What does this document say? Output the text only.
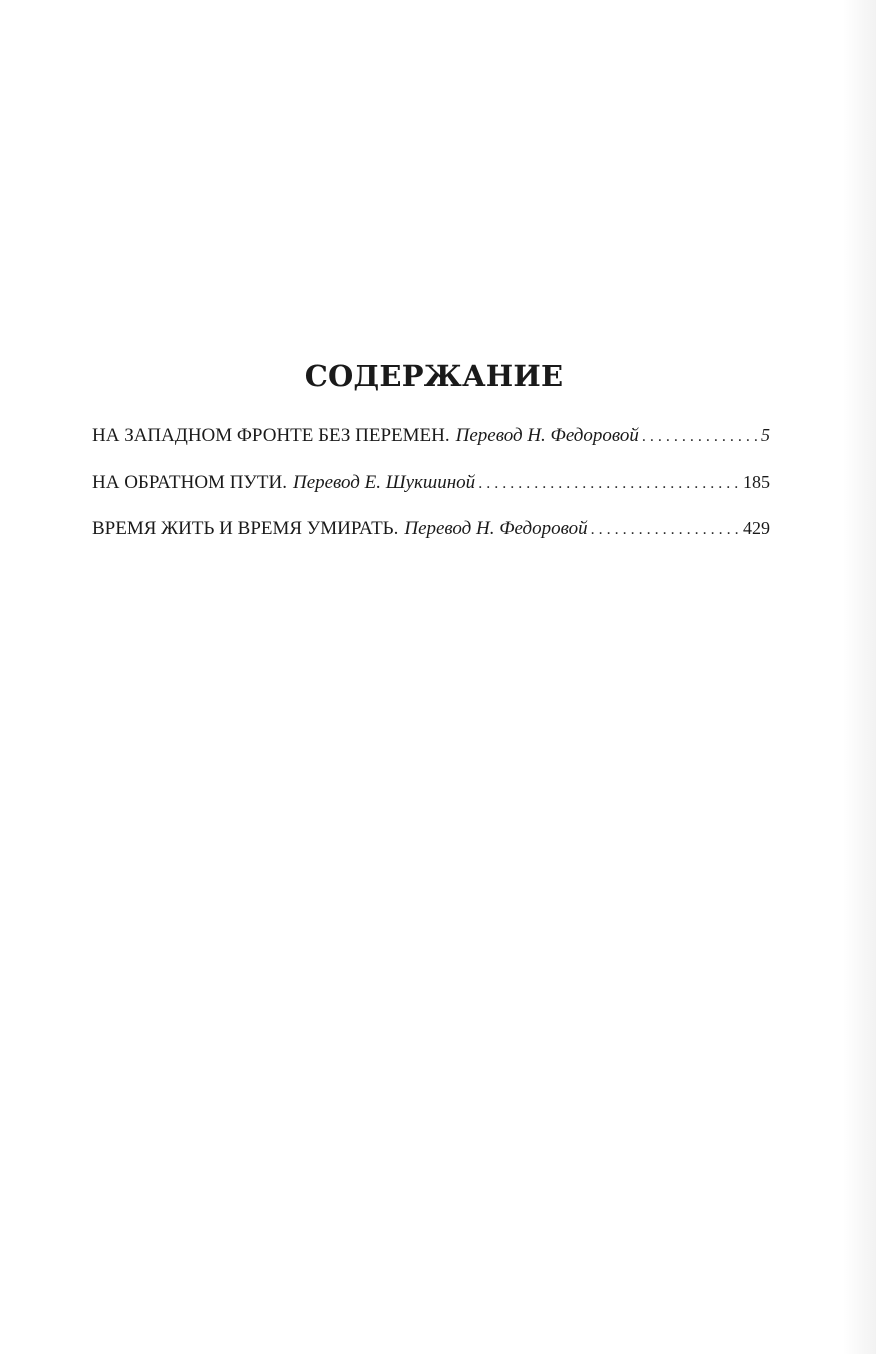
СОДЕРЖАНИЕ
НА ЗАПАДНОМ ФРОНТЕ БЕЗ ПЕРЕМЕН. Перевод Н. Федоровой . . .	5
НА ОБРАТНОМ ПУТИ. Перевод Е. Шукшиной . . .	185
ВРЕМЯ ЖИТЬ И ВРЕМЯ УМИРАТЬ. Перевод Н. Федоровой . . .	429
